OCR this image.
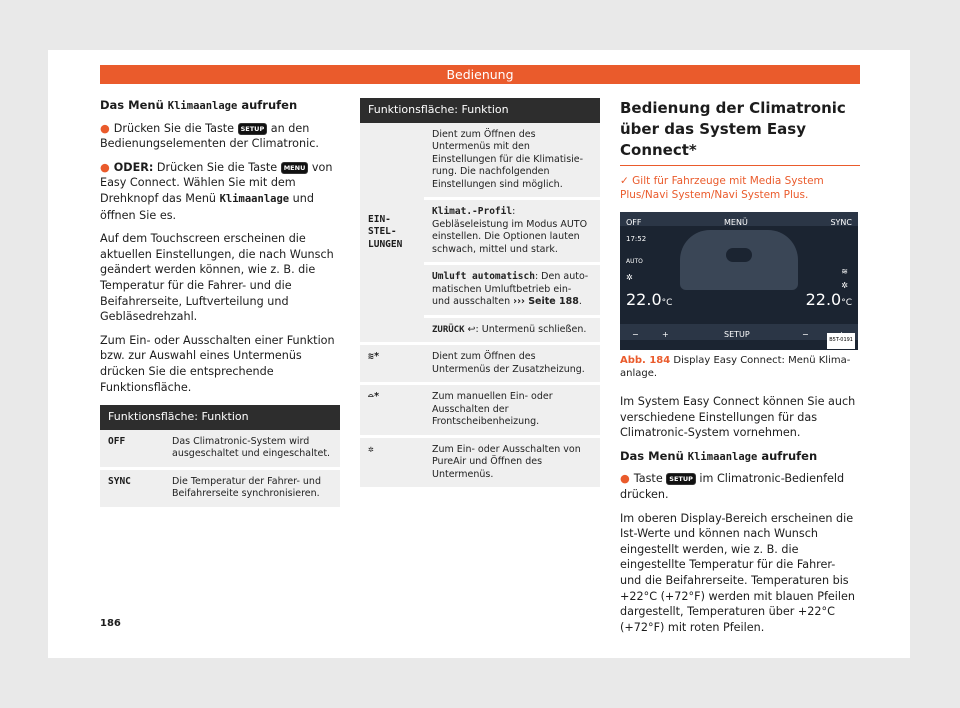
Bedienung
Das Menü Klimaanlage aufrufen

● Drücken Sie die Taste SETUP an den Bedienungselementen der Climatronic.

● ODER: Drücken Sie die Taste MENU von Easy Connect. Wählen Sie mit dem Drehknopf das Menü Klimaanlage und öffnen Sie es.

Auf dem Touchscreen erscheinen die aktuellen Einstellungen, die nach Wunsch geändert werden können, wie z. B. die Temperatur für die Fahrer- und die Beifahrerseite, Luftverteilung und Gebläsedrehzahl.

Zum Ein- oder Ausschalten einer Funktion bzw. zur Auswahl eines Untermenüs drücken Sie die entsprechende Funktionsfläche.

Funktionsfläche: Funktion	
OFF	Das Climatronic-System wird ausgeschaltet und eingeschaltet.
SYNC	Die Temperatur der Fahrer- und Beifahrerseite synchronisieren.
Funktionsfläche: Funktion	
EIN-
STEL-
LUNGEN	Dient zum Öffnen des Untermenüs mit den Einstellungen für die Klimatisierung. Die nachfolgenden Einstellungen sind möglich.
	Klimat.-Profil: Gebläseleistung im Modus AUTO einstellen. Die Optionen lauten schwach, mittel und stark.
	Umluft automatisch: Den automatischen Umluftbetrieb ein- und ausschalten ››› Seite 188.
	ZURÜCK ↩: Untermenü schließen.
≋*	Dient zum Öffnen des Untermenüs der Zusatzheizung.
⌓*	Zum manuellen Ein- oder Ausschalten der Frontscheibenheizung.
✲	Zum Ein- oder Ausschalten von PureAir und Öffnen des Untermenüs.
Bedienung der Climatronic über das System Easy Connect*
✓ Gilt für Fahrzeuge mit Media System Plus/Navi System/Navi System Plus.
OFF	MENÜ	SYNC
17:52
AUTO
✲
≋
✲
22.0°C	22.0°C
−	+	SETUP	−
B5T-0191
Abb. 184 Display Easy Connect: Menü Klimaanlage.

Im System Easy Connect können Sie auch verschiedene Einstellungen für das Climatronic-System vornehmen.

Das Menü Klimaanlage aufrufen

● Taste SETUP im Climatronic-Bedienfeld drücken.

Im oberen Display-Bereich erscheinen die Ist-Werte und können nach Wunsch eingestellt werden, wie z. B. die eingestellte Temperatur für die Fahrer- und die Beifahrerseite. Temperaturen bis +22°C (+72°F) werden mit blauen Pfeilen dargestellt, Temperaturen über +22°C (+72°F) mit roten Pfeilen.

186
